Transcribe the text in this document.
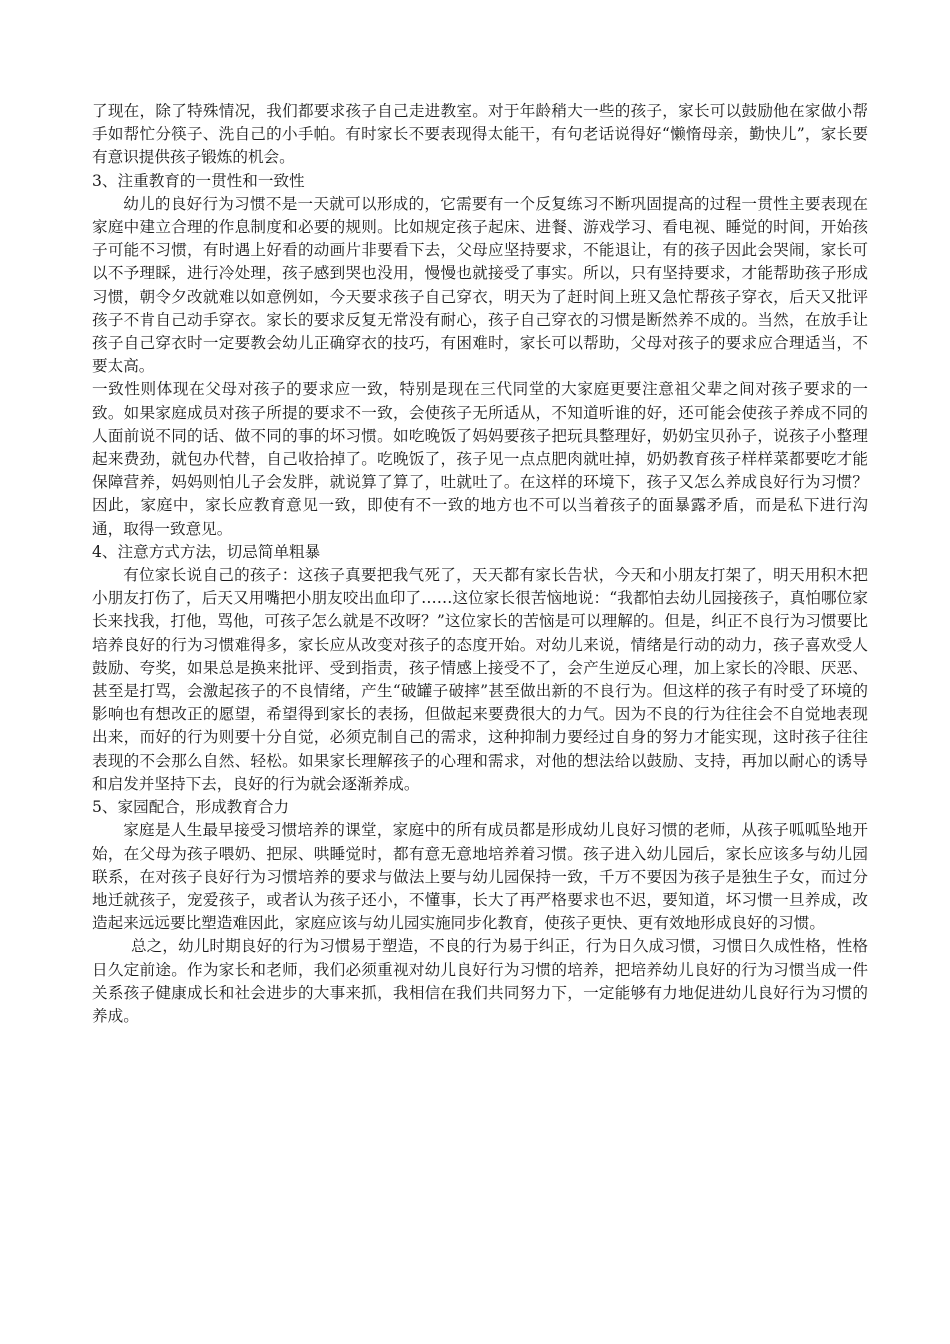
了现在，除了特殊情况，我们都要求孩子自己走进教室。对于年龄稍大一些的孩子，家长可以鼓励他在家做小帮手如帮忙分筷子、洗自己的小手帕。有时家长不要表现得太能干，有句老话说得好“懒惰母亲，勤快儿”，家长要有意识提供孩子锻炼的机会。

3、注重教育的一贯性和一致性

幼儿的良好行为习惯不是一天就可以形成的，它需要有一个反复练习不断巩固提高的过程一贯性主要表现在家庭中建立合理的作息制度和必要的规则。比如规定孩子起床、进餐、游戏学习、看电视、睡觉的时间，开始孩子可能不习惯，有时遇上好看的动画片非要看下去，父母应坚持要求，不能退让，有的孩子因此会哭闹，家长可以不予理睬，进行冷处理，孩子感到哭也没用，慢慢也就接受了事实。所以，只有坚持要求，才能帮助孩子形成习惯，朝令夕改就难以如意例如，今天要求孩子自己穿衣，明天为了赶时间上班又急忙帮孩子穿衣，后天又批评孩子不肯自己动手穿衣。家长的要求反复无常没有耐心，孩子自己穿衣的习惯是断然养不成的。当然，在放手让孩子自己穿衣时一定要教会幼儿正确穿衣的技巧，有困难时，家长可以帮助，父母对孩子的要求应合理适当，不要太高。

一致性则体现在父母对孩子的要求应一致，特别是现在三代同堂的大家庭更要注意祖父辈之间对孩子要求的一致。如果家庭成员对孩子所提的要求不一致，会使孩子无所适从，不知道听谁的好，还可能会使孩子养成不同的人面前说不同的话、做不同的事的坏习惯。如吃晚饭了妈妈要孩子把玩具整理好，奶奶宝贝孙子，说孩子小整理起来费劲，就包办代替，自己收拾掉了。吃晚饭了，孩子见一点点肥肉就吐掉，奶奶教育孩子样样菜都要吃才能保障营养，妈妈则怕儿子会发胖，就说算了算了，吐就吐了。在这样的环境下，孩子又怎么养成良好行为习惯？因此，家庭中，家长应教育意见一致，即使有不一致的地方也不可以当着孩子的面暴露矛盾，而是私下进行沟通，取得一致意见。

4、注意方式方法，切忌简单粗暴

有位家长说自己的孩子：这孩子真要把我气死了，天天都有家长告状，今天和小朋友打架了，明天用积木把小朋友打伤了，后天又用嘴把小朋友咬出血印了……这位家长很苦恼地说：“我都怕去幼儿园接孩子，真怕哪位家长来找我，打他，骂他，可孩子怎么就是不改呀？”这位家长的苦恼是可以理解的。但是，纠正不良行为习惯要比培养良好的行为习惯难得多，家长应从改变对孩子的态度开始。对幼儿来说，情绪是行动的动力，孩子喜欢受人鼓励、夸奖，如果总是换来批评、受到指责，孩子情感上接受不了，会产生逆反心理，加上家长的冷眼、厌恶、甚至是打骂，会激起孩子的不良情绪，产生“破罐子破摔”甚至做出新的不良行为。但这样的孩子有时受了环境的影响也有想改正的愿望，希望得到家长的表扬，但做起来要费很大的力气。因为不良的行为往往会不自觉地表现出来，而好的行为则要十分自觉，必须克制自己的需求，这种抑制力要经过自身的努力才能实现，这时孩子往往表现的不会那么自然、轻松。如果家长理解孩子的心理和需求，对他的想法给以鼓励、支持，再加以耐心的诱导和启发并坚持下去，良好的行为就会逐渐养成。

5、家园配合，形成教育合力

家庭是人生最早接受习惯培养的课堂，家庭中的所有成员都是形成幼儿良好习惯的老师，从孩子呱呱坠地开始，在父母为孩子喂奶、把尿、哄睡觉时，都有意无意地培养着习惯。孩子进入幼儿园后，家长应该多与幼儿园联系，在对孩子良好行为习惯培养的要求与做法上要与幼儿园保持一致，千万不要因为孩子是独生子女，而过分地迁就孩子，宠爱孩子，或者认为孩子还小，不懂事，长大了再严格要求也不迟，要知道，坏习惯一旦养成，改造起来远远要比塑造难因此，家庭应该与幼儿园实施同步化教育，使孩子更快、更有效地形成良好的习惯。

总之，幼儿时期良好的行为习惯易于塑造，不良的行为易于纠正，行为日久成习惯，习惯日久成性格，性格日久定前途。作为家长和老师，我们必须重视对幼儿良好行为习惯的培养，把培养幼儿良好的行为习惯当成一件关系孩子健康成长和社会进步的大事来抓，我相信在我们共同努力下，一定能够有力地促进幼儿良好行为习惯的养成。
